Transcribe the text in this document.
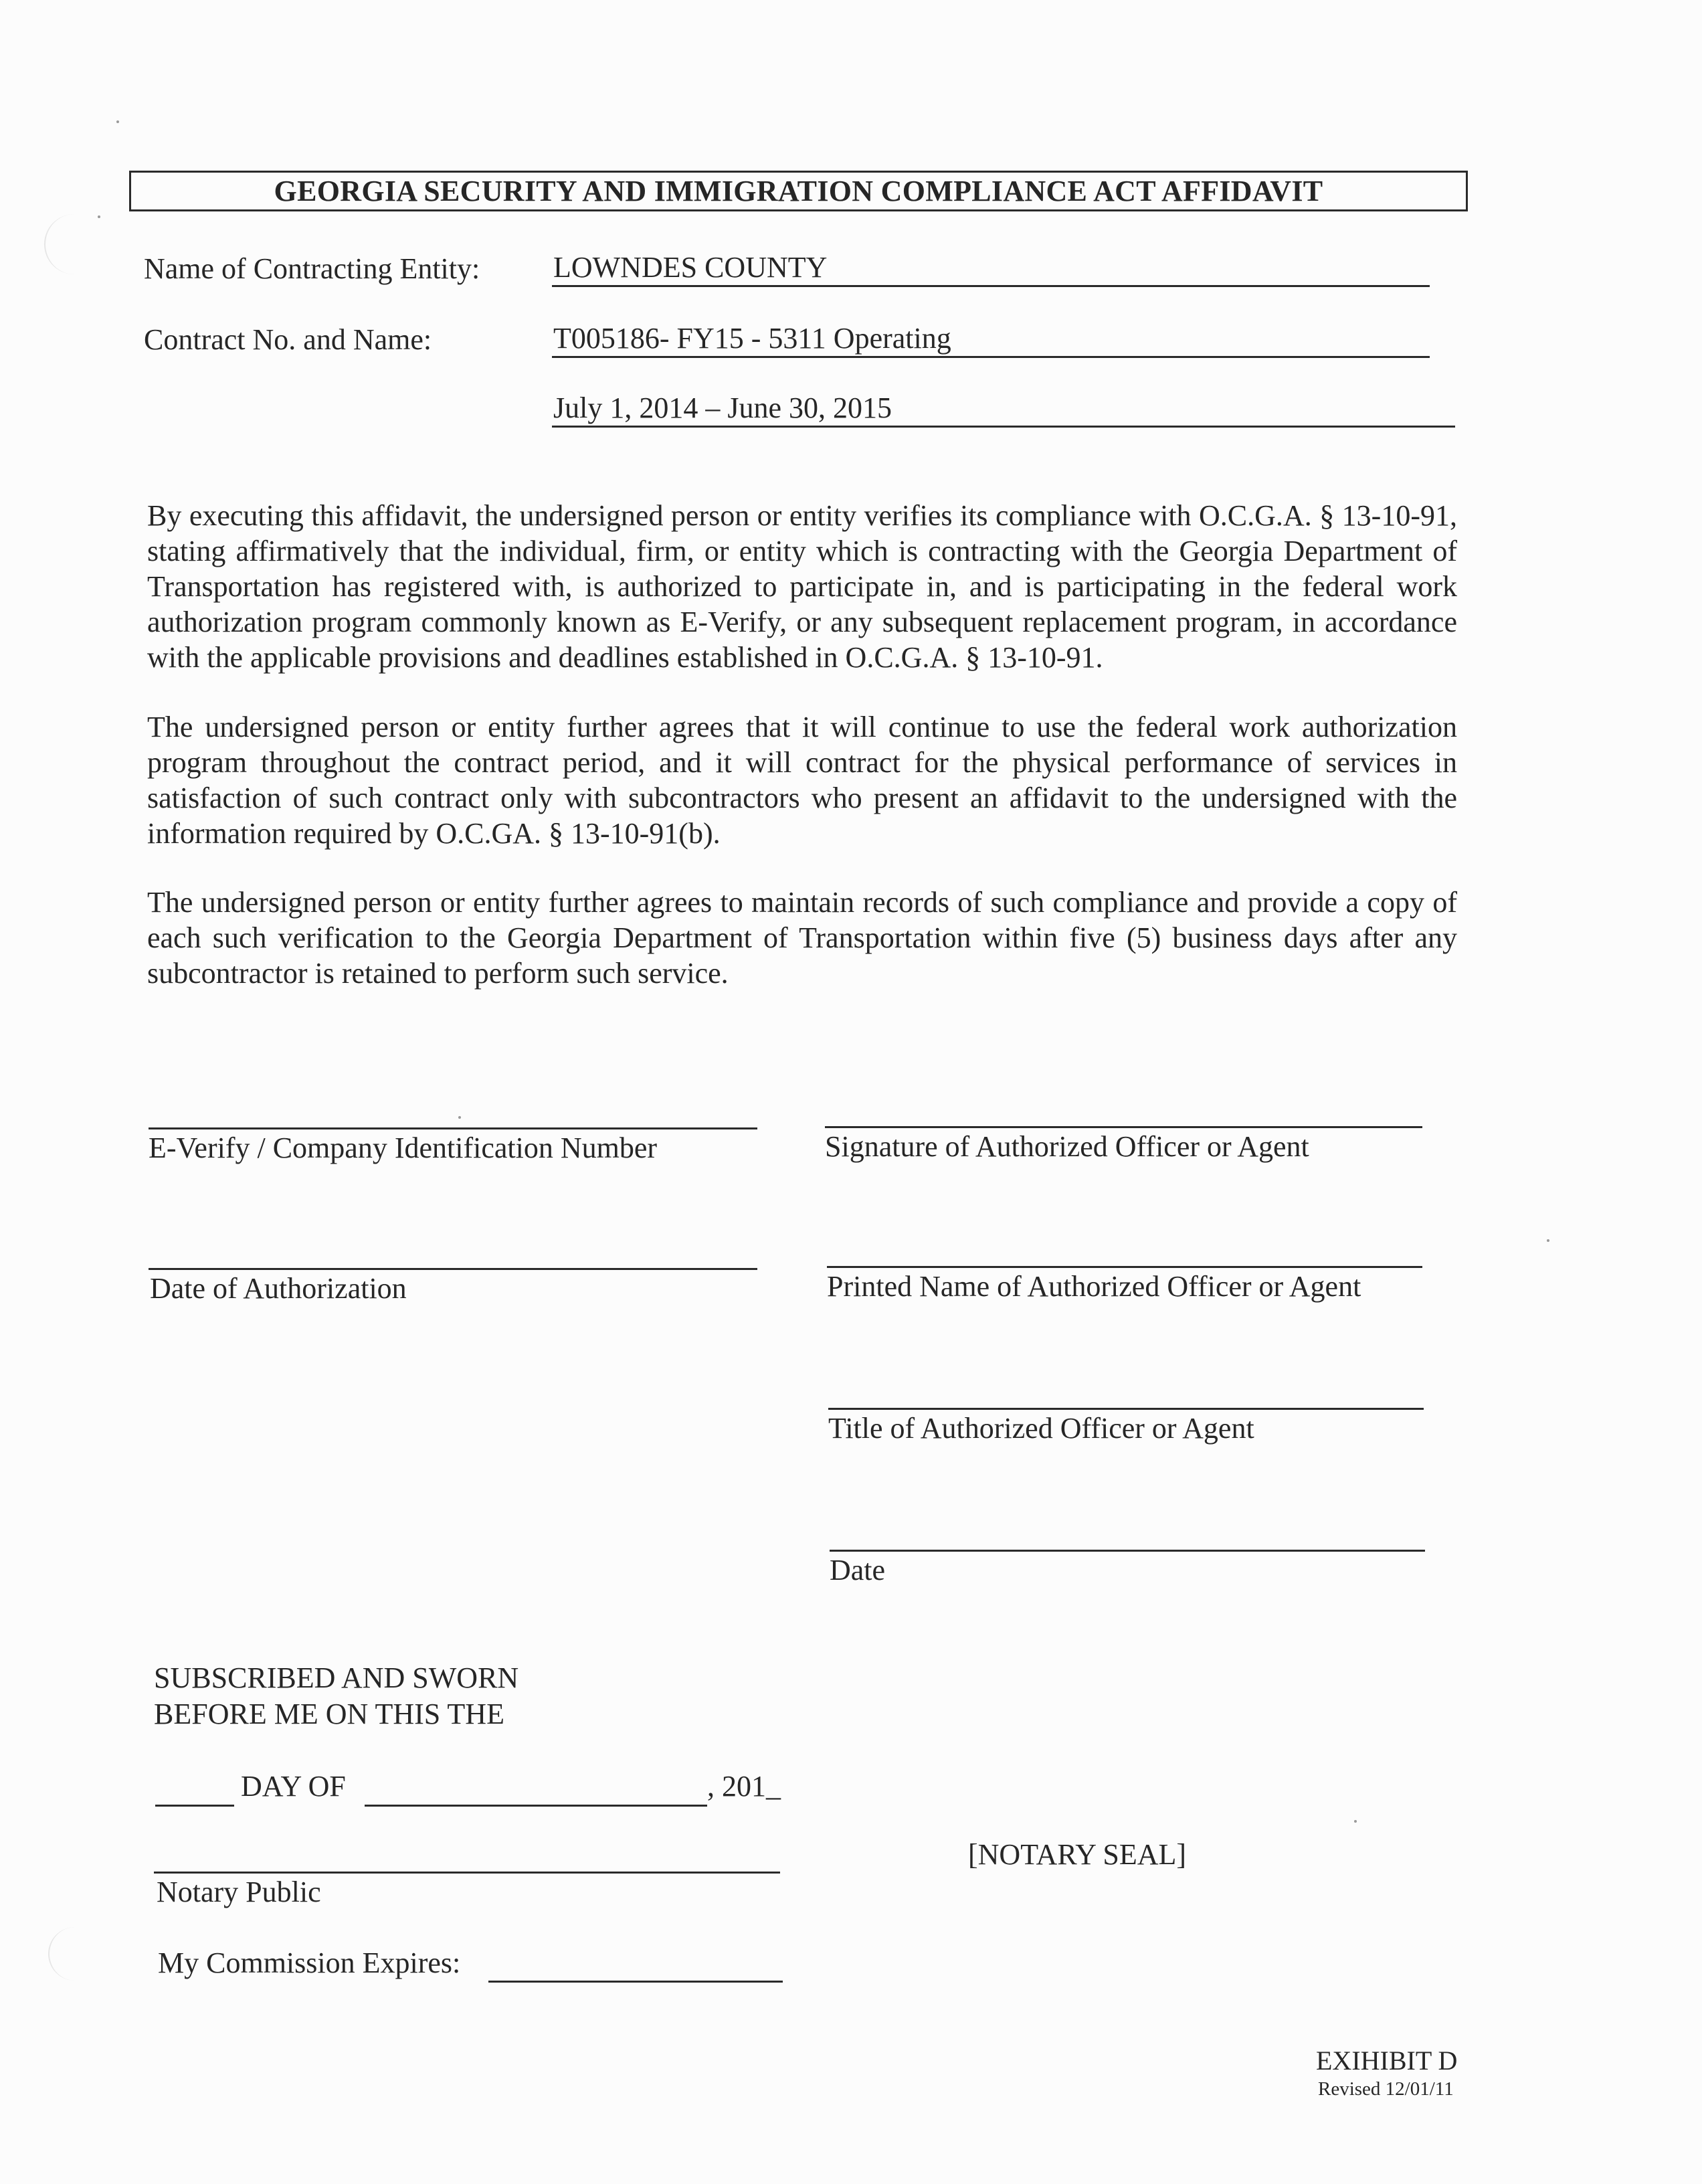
GEORGIA SECURITY AND IMMIGRATION COMPLIANCE ACT AFFIDAVIT
Name of Contracting Entity: LOWNDES COUNTY
Contract No. and Name:	T005186- FY15 - 5311 Operating
July 1, 2014 – June 30, 2015
By executing this affidavit, the undersigned person or entity verifies its compliance with O.C.G.A. § 13-10-91, stating affirmatively that the individual, firm, or entity which is contracting with the Georgia Department of Transportation has registered with, is authorized to participate in, and is participating in the federal work authorization program commonly known as E-Verify, or any subsequent replacement program, in accordance with the applicable provisions and deadlines established in O.C.G.A. § 13-10-91.
The undersigned person or entity further agrees that it will continue to use the federal work authorization program throughout the contract period, and it will contract for the physical performance of services in satisfaction of such contract only with subcontractors who present an affidavit to the undersigned with the information required by O.C.GA. § 13-10-91(b).
The undersigned person or entity further agrees to maintain records of such compliance and provide a copy of each such verification to the Georgia Department of Transportation within five (5) business days after any subcontractor is retained to perform such service.
E-Verify / Company Identification Number
Date of Authorization
Signature of Authorized Officer or Agent
Printed Name of Authorized Officer or Agent
Title of Authorized Officer or Agent
Date
SUBSCRIBED AND SWORN
BEFORE ME ON THIS THE
DAY OF	, 201_
Notary Public
My Commission Expires:
[NOTARY SEAL]
EXIHIBIT D
Revised 12/01/11
